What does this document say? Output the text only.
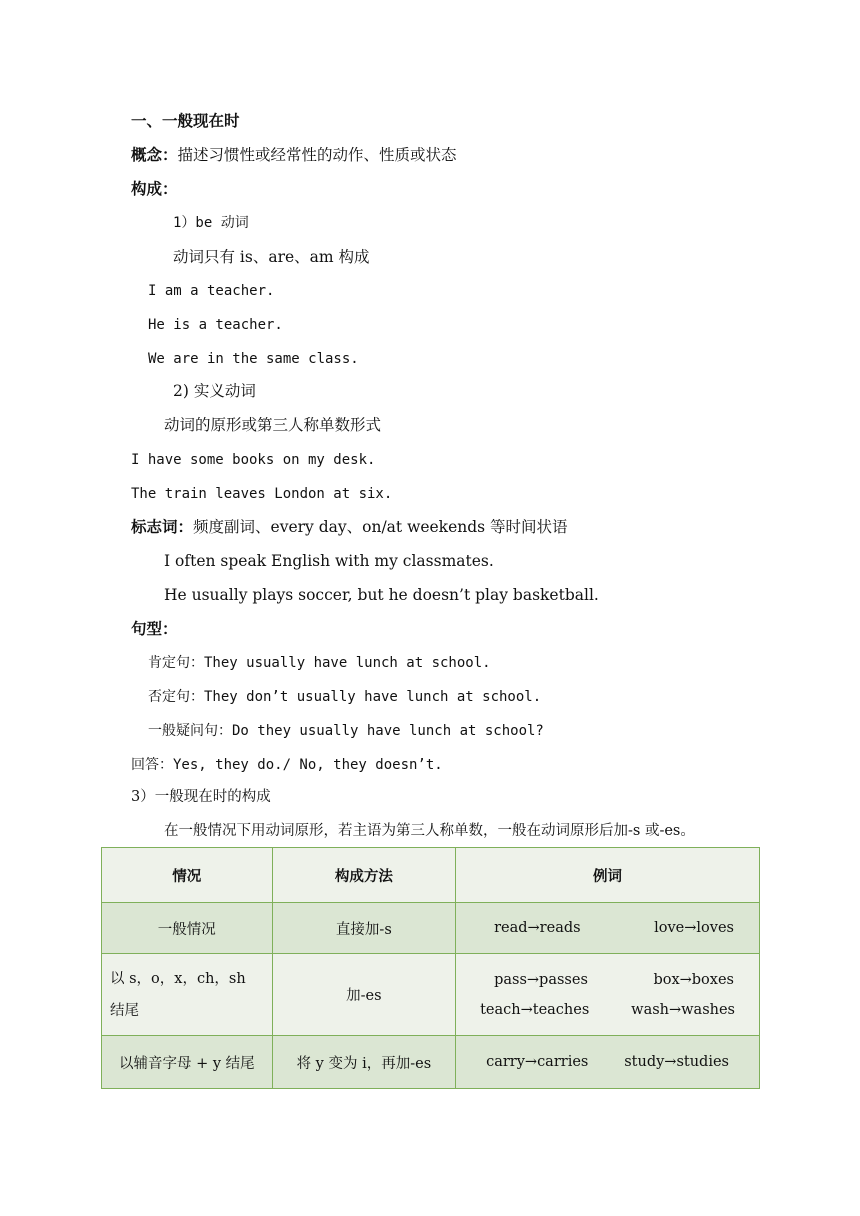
一、一般现在时
概念：描述习惯性或经常性的动作、性质或状态
构成：
1）be 动词
动词只有 is、are、am 构成
I am a teacher.
He is a teacher.
We are in the same class.
2) 实义动词
动词的原形或第三人称单数形式
I have some books on my desk.
The train leaves London at six.
标志词：频度副词、every day、on/at weekends 等时间状语
I often speak English with my classmates.
He usually plays soccer, but he doesn’t play basketball.
句型：
肯定句：They usually have lunch at school.
否定句：They don’t usually have lunch at school.
一般疑问句：Do they usually have lunch at school?
回答：Yes, they do./ No, they doesn’t.
3）一般现在时的构成
在一般情况下用动词原形，若主语为第三人称单数，一般在动词原形后加-s 或-es。
情况	构成方法	例词
一般情况	直接加-s	read→reads love→loves

以 s，o，x，ch，sh 结尾	加-es	pass→passes box→boxes
teach→teaches wash→washes

以辅音字母 + y 结尾	将 y 变为 i，再加-es	carry→carries study→studies
